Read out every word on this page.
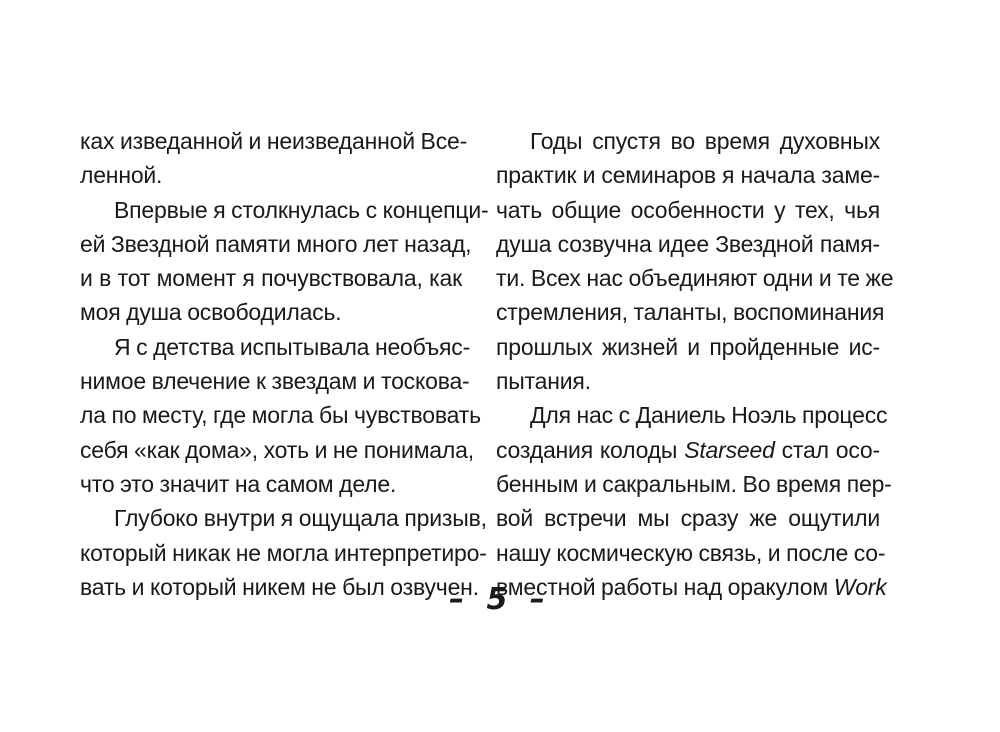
ках изведанной и неизведанной Все-
ленной.
Впервые я столкнулась с концепци-
ей Звездной памяти много лет назад,
и в тот момент я почувствовала, как
моя душа освободилась.
Я с детства испытывала необъяс-
нимое влечение к звездам и тоскова-
ла по месту, где могла бы чувствовать
себя «как дома», хоть и не понимала,
что это значит на самом деле.
Глубоко внутри я ощущала призыв,
который никак не могла интерпретиро-
вать и который никем не был озвучен.
Годы спустя во время духовных
практик и семинаров я начала заме-
чать общие особенности у тех, чья
душа созвучна идее Звездной памя-
ти. Всех нас объединяют одни и те же
стремления, таланты, воспоминания
прошлых жизней и пройденные ис-
пытания.
Для нас с Даниель Ноэль процесс
создания колоды Starseed стал осо-
бенным и сакральным. Во время пер-
вой встречи мы сразу же ощутили
нашу космическую связь, и после со-
вместной работы над оракулом Work
– 5 –
